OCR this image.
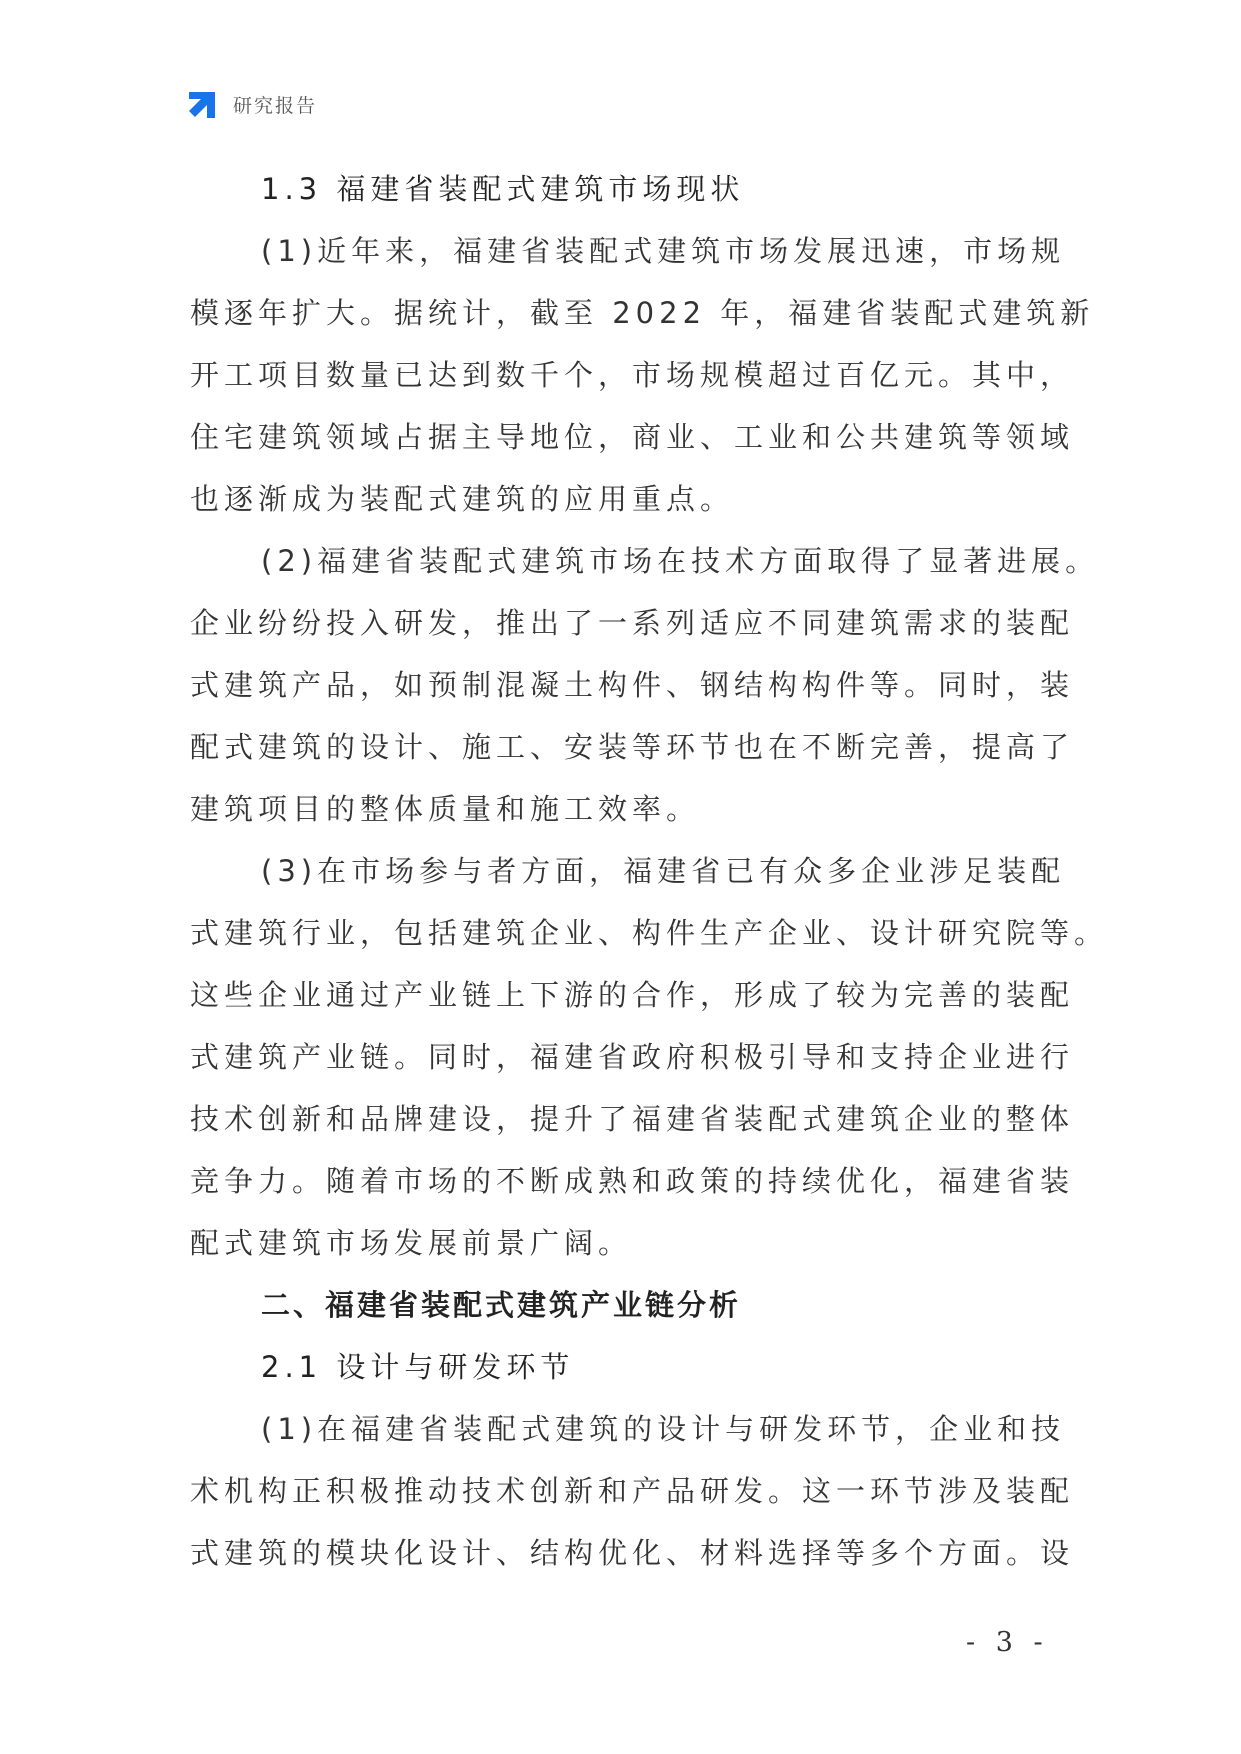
研究报告
1.3 福建省装配式建筑市场现状

(1)近年来，福建省装配式建筑市场发展迅速，市场规

模逐年扩大。据统计，截至 2022 年，福建省装配式建筑新

开工项目数量已达到数千个，市场规模超过百亿元。其中，

住宅建筑领域占据主导地位，商业、工业和公共建筑等领域

也逐渐成为装配式建筑的应用重点。

(2)福建省装配式建筑市场在技术方面取得了显著进展。

企业纷纷投入研发，推出了一系列适应不同建筑需求的装配

式建筑产品，如预制混凝土构件、钢结构构件等。同时，装

配式建筑的设计、施工、安装等环节也在不断完善，提高了

建筑项目的整体质量和施工效率。

(3)在市场参与者方面，福建省已有众多企业涉足装配

式建筑行业，包括建筑企业、构件生产企业、设计研究院等。

这些企业通过产业链上下游的合作，形成了较为完善的装配

式建筑产业链。同时，福建省政府积极引导和支持企业进行

技术创新和品牌建设，提升了福建省装配式建筑企业的整体

竞争力。随着市场的不断成熟和政策的持续优化，福建省装

配式建筑市场发展前景广阔。

二、福建省装配式建筑产业链分析
2.1 设计与研发环节

(1)在福建省装配式建筑的设计与研发环节，企业和技

术机构正积极推动技术创新和产品研发。这一环节涉及装配

式建筑的模块化设计、结构优化、材料选择等多个方面。设

- 3 -
